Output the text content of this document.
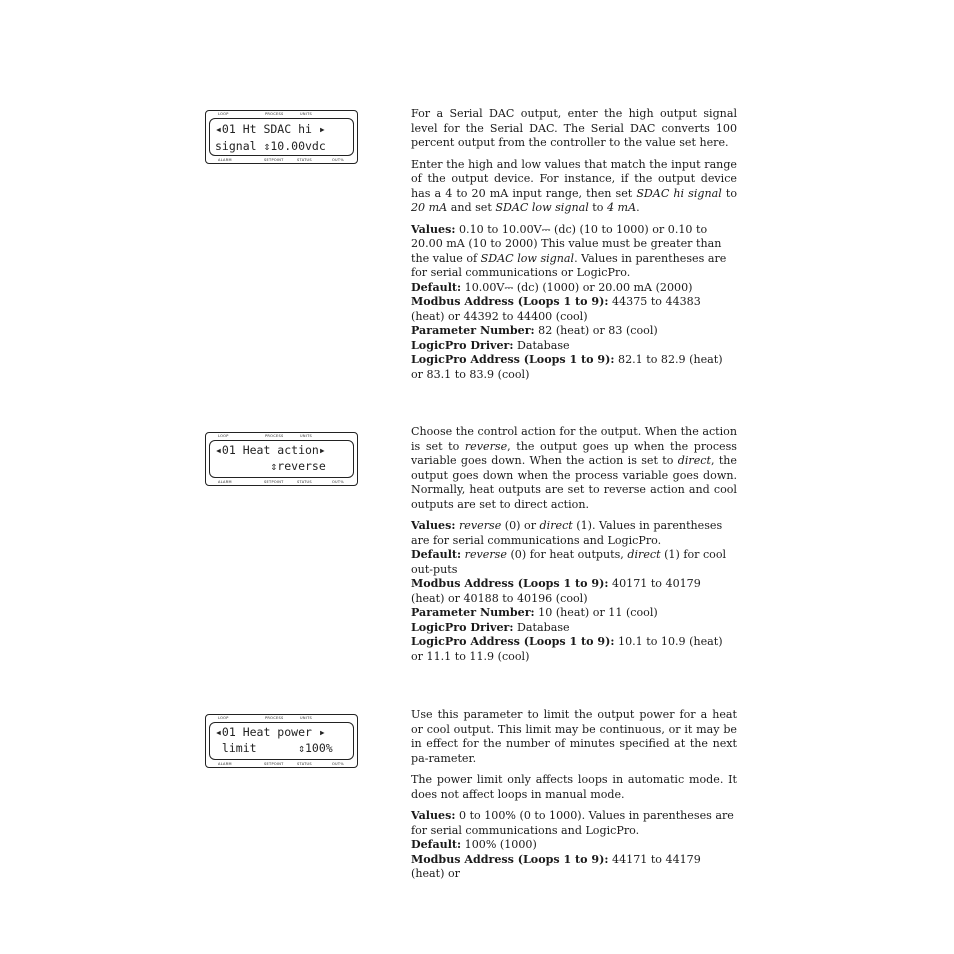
LOOP	PROCESS	UNITS
◂01 Ht SDAC hi ▸
signal ⇕10.00vdc
ALARM	SETPOINT	STATUS	OUT%

For a Serial DAC output, enter the high output signal level for the Serial DAC. The Serial DAC converts 100 percent output from the controller to the value set here.

Enter the high and low values that match the input range of the output device. For instance, if the output device has a 4 to 20 mA input range, then set SDAC hi signal to 20 mA and set SDAC low signal to 4 mA.

Values: 0.10 to 10.00V⎓ (dc) (10 to 1000) or 0.10 to 20.00 mA (10 to 2000) This value must be greater than the value of SDAC low signal. Values in parentheses are for serial communications or LogicPro.
Default: 10.00V⎓ (dc) (1000) or 20.00 mA (2000)
Modbus Address (Loops 1 to 9): 44375 to 44383 (heat) or 44392 to 44400 (cool)
Parameter Number: 82 (heat) or 83 (cool)
LogicPro Driver: Database
LogicPro Address (Loops 1 to 9): 82.1 to 82.9 (heat) or 83.1 to 83.9 (cool)
LOOP	PROCESS	UNITS
◂01 Heat action▸
⇕reverse
ALARM	SETPOINT	STATUS	OUT%

Choose the control action for the output. When the action is set to reverse, the output goes up when the process variable goes down. When the action is set to direct, the output goes down when the process variable goes down. Normally, heat outputs are set to reverse action and cool outputs are set to direct action.

Values: reverse (0) or direct (1). Values in parentheses are for serial communications and LogicPro.
Default: reverse (0) for heat outputs, direct (1) for cool out-puts
Modbus Address (Loops 1 to 9): 40171 to 40179 (heat) or 40188 to 40196 (cool)
Parameter Number: 10 (heat) or 11 (cool)
LogicPro Driver: Database
LogicPro Address (Loops 1 to 9): 10.1 to 10.9 (heat) or 11.1 to 11.9 (cool)
LOOP	PROCESS	UNITS
◂01 Heat power ▸
limit      ⇕100%
ALARM	SETPOINT	STATUS	OUT%

Use this parameter to limit the output power for a heat or cool output. This limit may be continuous, or it may be in effect for the number of minutes specified at the next pa-rameter.

The power limit only affects loops in automatic mode. It does not affect loops in manual mode.

Values: 0 to 100% (0 to 1000). Values in parentheses are for serial communications and LogicPro.
Default: 100% (1000)
Modbus Address (Loops 1 to 9): 44171 to 44179 (heat) or
